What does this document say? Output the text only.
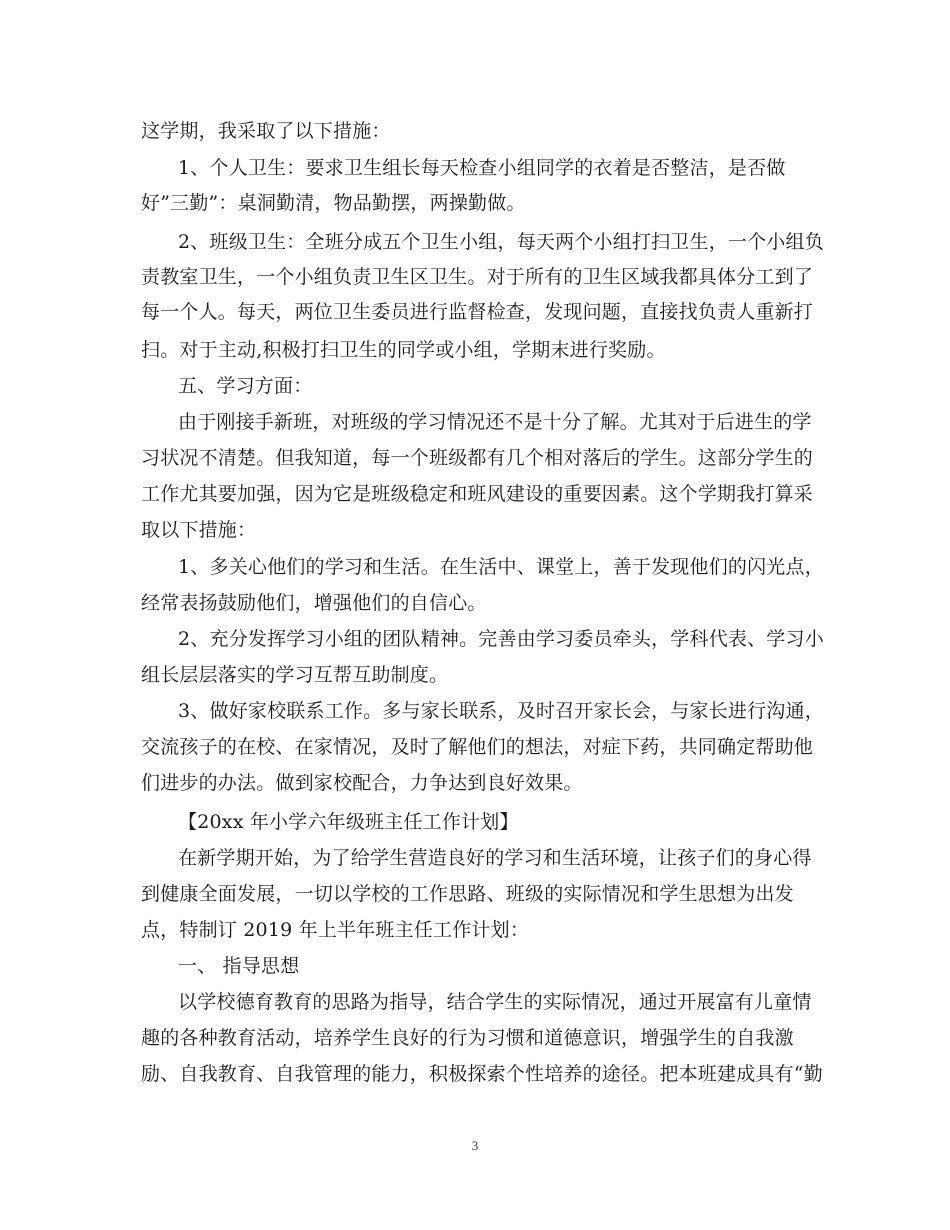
这学期，我采取了以下措施：
1、个人卫生：要求卫生组长每天检查小组同学的衣着是否整洁，是否做
好”三勤”：桌洞勤清，物品勤摆，两操勤做。
2、班级卫生：全班分成五个卫生小组，每天两个小组打扫卫生，一个小组负
责教室卫生，一个小组负责卫生区卫生。对于所有的卫生区域我都具体分工到了
每一个人。每天，两位卫生委员进行监督检查，发现问题，直接找负责人重新打
扫。对于主动,积极打扫卫生的同学或小组，学期末进行奖励。
五、学习方面：
由于刚接手新班，对班级的学习情况还不是十分了解。尤其对于后进生的学
习状况不清楚。但我知道，每一个班级都有几个相对落后的学生。这部分学生的
工作尤其要加强，因为它是班级稳定和班风建设的重要因素。这个学期我打算采
取以下措施：
1、多关心他们的学习和生活。在生活中、课堂上，善于发现他们的闪光点，
经常表扬鼓励他们，增强他们的自信心。
2、充分发挥学习小组的团队精神。完善由学习委员牵头，学科代表、学习小
组长层层落实的学习互帮互助制度。
3、做好家校联系工作。多与家长联系，及时召开家长会，与家长进行沟通，
交流孩子的在校、在家情况，及时了解他们的想法，对症下药，共同确定帮助他
们进步的办法。做到家校配合，力争达到良好效果。
【20xx 年小学六年级班主任工作计划】
在新学期开始，为了给学生营造良好的学习和生活环境，让孩子们的身心得
到健康全面发展，一切以学校的工作思路、班级的实际情况和学生思想为出发
点，特制订 2019 年上半年班主任工作计划：
一、 指导思想
以学校德育教育的思路为指导，结合学生的实际情况，通过开展富有儿童情
趣的各种教育活动，培养学生良好的行为习惯和道德意识，增强学生的自我激
励、自我教育、自我管理的能力，积极探索个性培养的途径。把本班建成具有“勤
3
